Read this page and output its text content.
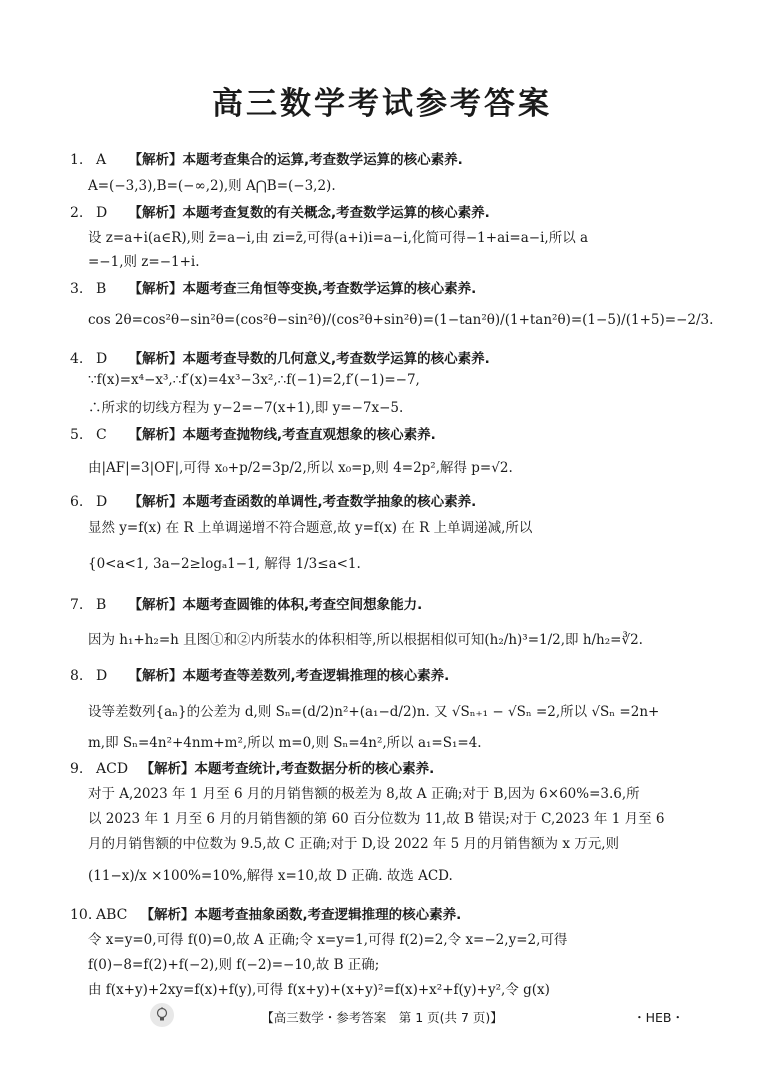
高三数学考试参考答案
1. A 【解析】本题考查集合的运算,考查数学运算的核心素养.
A=(−3,3),B=(−∞,2),则 A⋂B=(−3,2).
2. D 【解析】本题考查复数的有关概念,考查数学运算的核心素养.
设 z=a+i(a∈R),则 z̄=a−i,由 zi=z̄,可得(a+i)i=a−i,化简可得−1+ai=a−i,所以 a
=−1,则 z=−1+i.
3. B 【解析】本题考查三角恒等变换,考查数学运算的核心素养.
cos 2θ=cos²θ−sin²θ=(cos²θ−sin²θ)/(cos²θ+sin²θ)=(1−tan²θ)/(1+tan²θ)=(1−5)/(1+5)=−2/3.
4. D 【解析】本题考查导数的几何意义,考查数学运算的核心素养.
∵f(x)=x⁴−x³,∴f′(x)=4x³−3x²,∴f(−1)=2,f′(−1)=−7,
∴所求的切线方程为 y−2=−7(x+1),即 y=−7x−5.
5. C 【解析】本题考查抛物线,考查直观想象的核心素养.
由|AF|=3|OF|,可得 x₀+p/2=3p/2,所以 x₀=p,则 4=2p²,解得 p=√2.
6. D 【解析】本题考查函数的单调性,考查数学抽象的核心素养.
显然 y=f(x) 在 R 上单调递增不符合题意,故 y=f(x) 在 R 上单调递减,所以
{0<a<1, 3a−2≥logₐ1−1, 解得 1/3≤a<1.
7. B 【解析】本题考查圆锥的体积,考查空间想象能力.
因为 h₁+h₂=h 且图①和②内所装水的体积相等,所以根据相似可知(h₂/h)³=1/2,即 h/h₂=∛2.
8. D 【解析】本题考查等差数列,考查逻辑推理的核心素养.
设等差数列{aₙ}的公差为 d,则 Sₙ=(d/2)n²+(a₁−d/2)n. 又 √Sₙ₊₁ − √Sₙ =2,所以 √Sₙ =2n+
m,即 Sₙ=4n²+4nm+m²,所以 m=0,则 Sₙ=4n²,所以 a₁=S₁=4.
9. ACD 【解析】本题考查统计,考查数据分析的核心素养.
对于 A,2023 年 1 月至 6 月的月销售额的极差为 8,故 A 正确;对于 B,因为 6×60%=3.6,所
以 2023 年 1 月至 6 月的月销售额的第 60 百分位数为 11,故 B 错误;对于 C,2023 年 1 月至 6
月的月销售额的中位数为 9.5,故 C 正确;对于 D,设 2022 年 5 月的月销售额为 x 万元,则
(11−x)/x ×100%=10%,解得 x=10,故 D 正确. 故选 ACD.
10. ABC 【解析】本题考查抽象函数,考查逻辑推理的核心素养.
令 x=y=0,可得 f(0)=0,故 A 正确;令 x=y=1,可得 f(2)=2,令 x=−2,y=2,可得
f(0)−8=f(2)+f(−2),则 f(−2)=−10,故 B 正确;
由 f(x+y)+2xy=f(x)+f(y),可得 f(x+y)+(x+y)²=f(x)+x²+f(y)+y²,令 g(x)
【高三数学・参考答案　第 1 页(共 7 页)】	・HEB・
